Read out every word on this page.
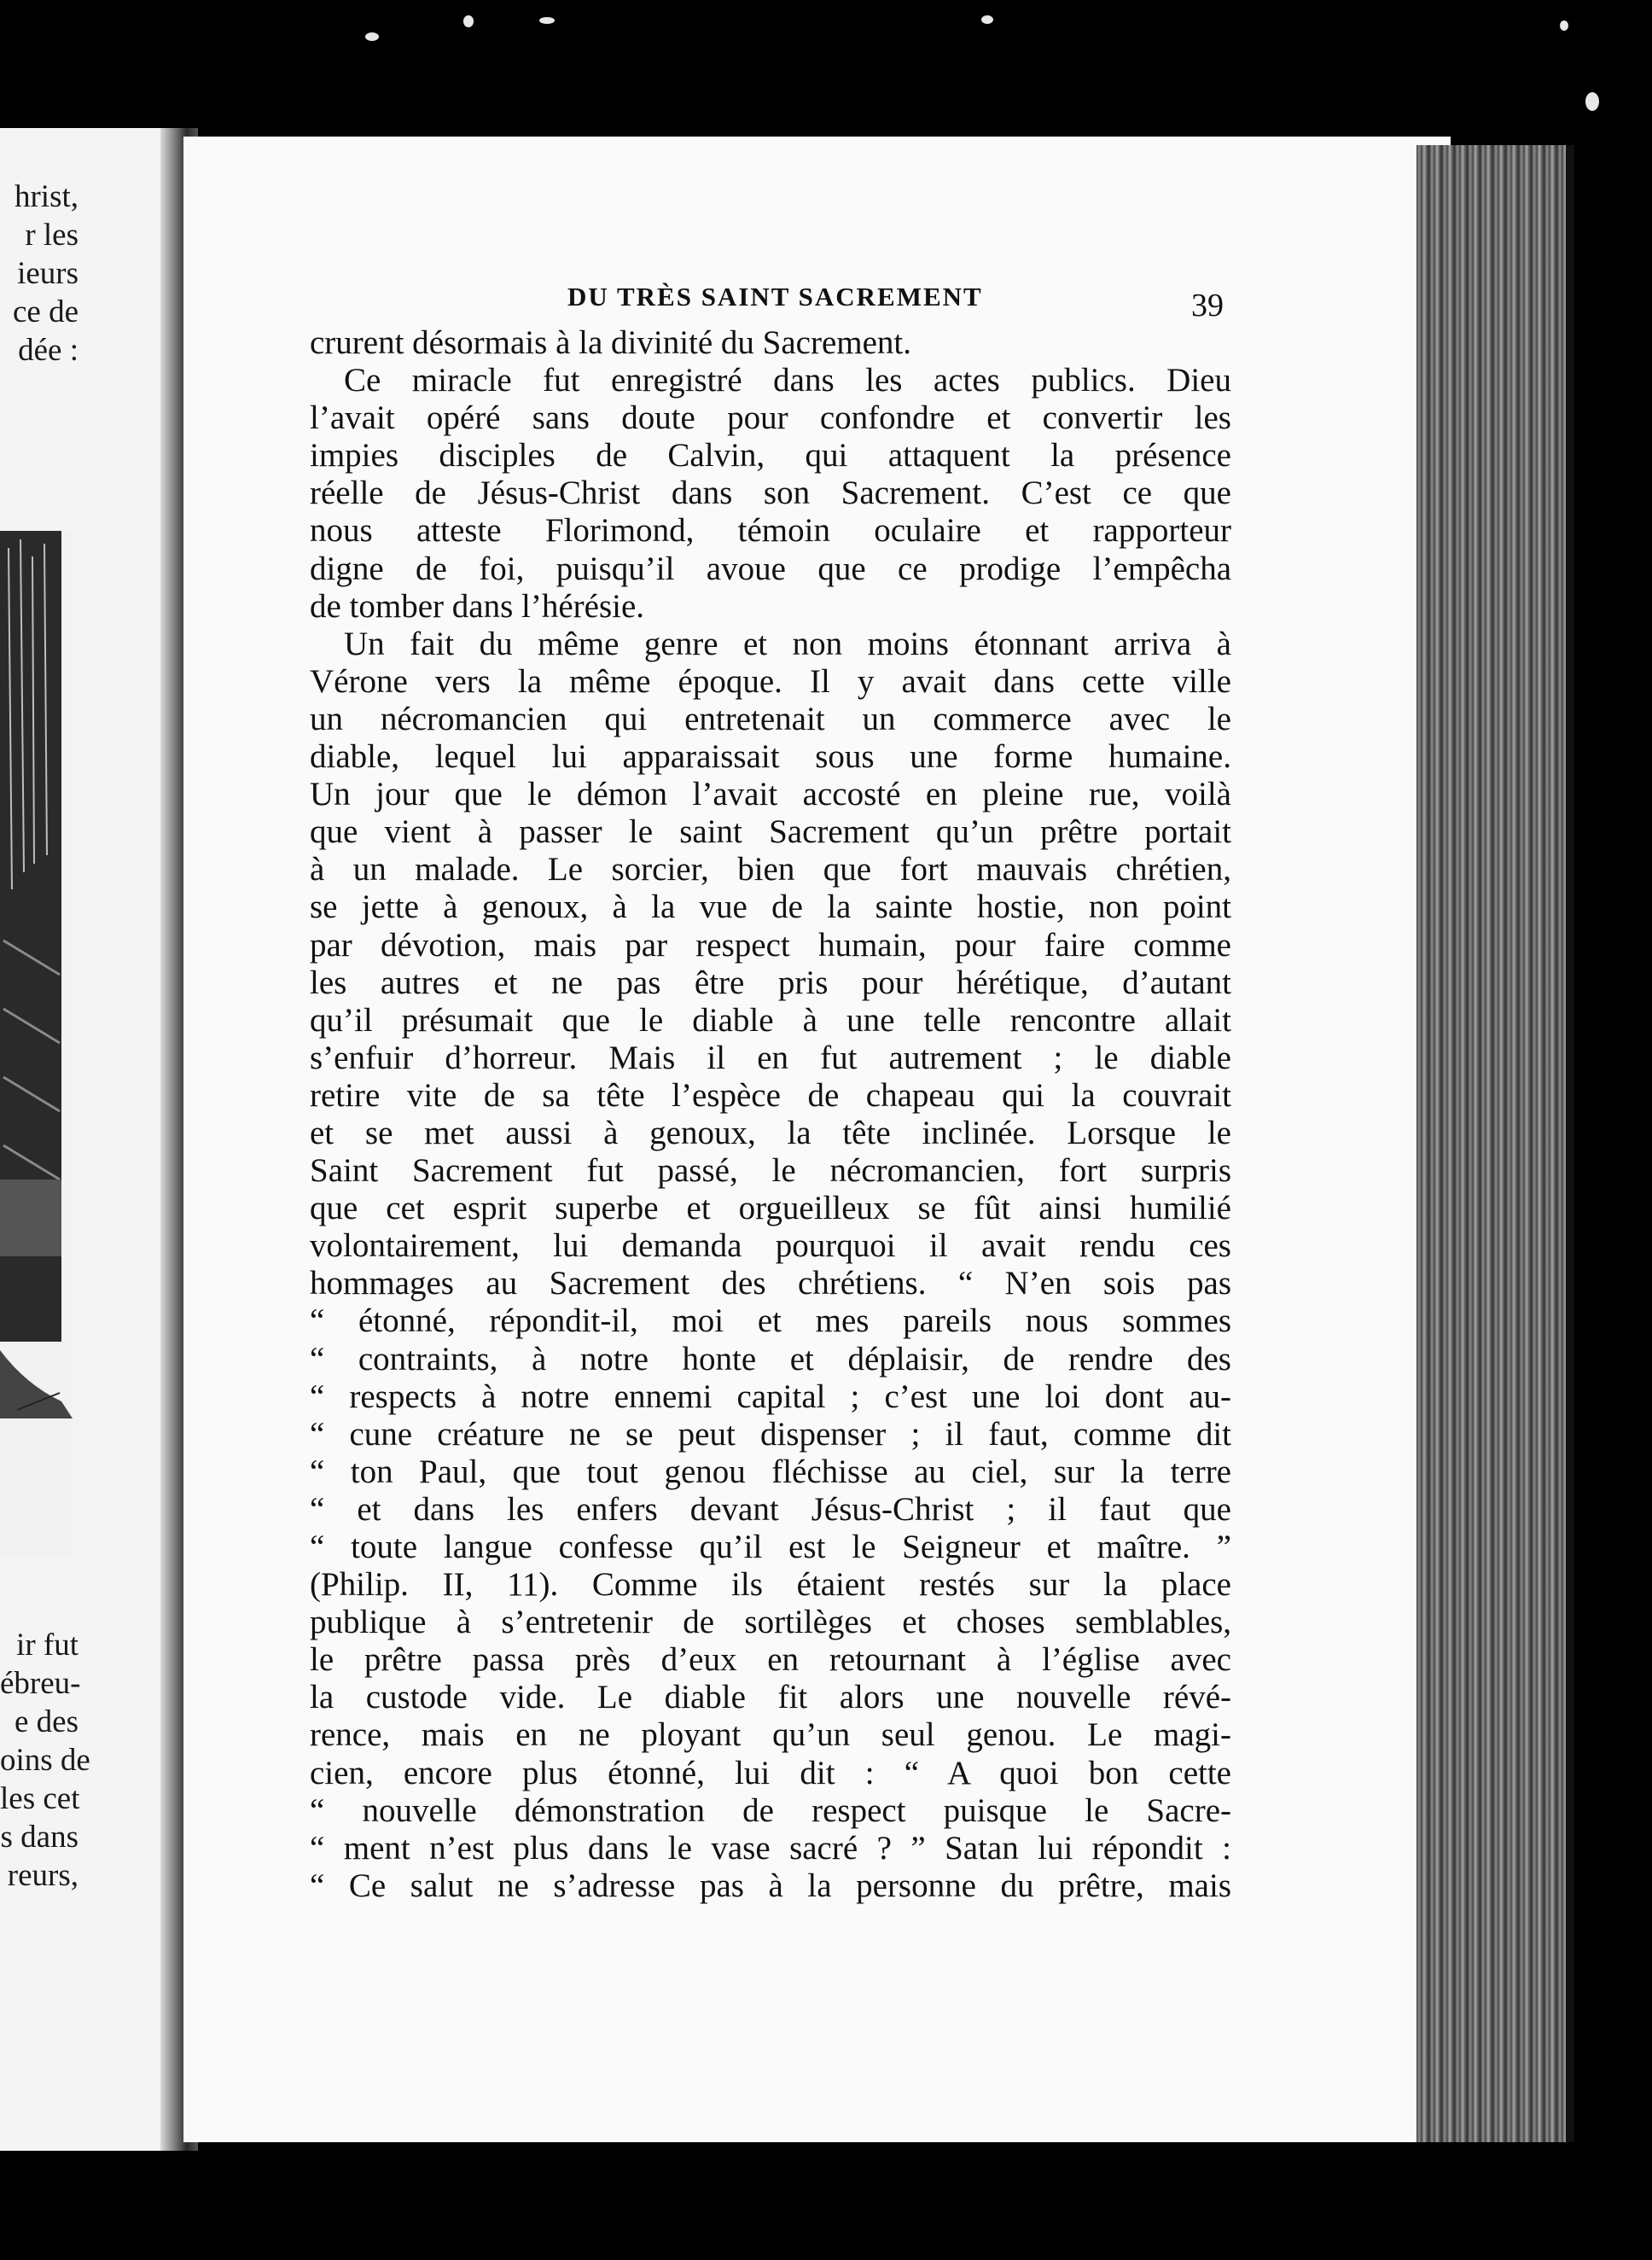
hrist,
r les
ieurs
ce de
dée :
ir fut
ébreu-
e des
oins de
les cet
s dans
reurs,
DU TRÈS SAINT SACREMENT	39
crurent désormais à la divinité du Sacrement.
Ce miracle fut enregistré dans les actes publics. Dieu
l’avait opéré sans doute pour confondre et convertir les
impies disciples de Calvin, qui attaquent la présence
réelle de Jésus-Christ dans son Sacrement. C’est ce que
nous atteste Florimond, témoin oculaire et rapporteur
digne de foi, puisqu’il avoue que ce prodige l’empêcha
de tomber dans l’hérésie.
Un fait du même genre et non moins étonnant arriva à
Vérone vers la même époque. Il y avait dans cette ville
un nécromancien qui entretenait un commerce avec le
diable, lequel lui apparaissait sous une forme humaine.
Un jour que le démon l’avait accosté en pleine rue, voilà
que vient à passer le saint Sacrement qu’un prêtre portait
à un malade. Le sorcier, bien que fort mauvais chrétien,
se jette à genoux, à la vue de la sainte hostie, non point
par dévotion, mais par respect humain, pour faire comme
les autres et ne pas être pris pour hérétique, d’autant
qu’il présumait que le diable à une telle rencontre allait
s’enfuir d’horreur. Mais il en fut autrement ; le diable
retire vite de sa tête l’espèce de chapeau qui la couvrait
et se met aussi à genoux, la tête inclinée. Lorsque le
Saint Sacrement fut passé, le nécromancien, fort surpris
que cet esprit superbe et orgueilleux se fût ainsi humilié
volontairement, lui demanda pourquoi il avait rendu ces
hommages au Sacrement des chrétiens. “ N’en sois pas
“ étonné, répondit-il, moi et mes pareils nous sommes
“ contraints, à notre honte et déplaisir, de rendre des
“ respects à notre ennemi capital ; c’est une loi dont au-
“ cune créature ne se peut dispenser ; il faut, comme dit
“ ton Paul, que tout genou fléchisse au ciel, sur la terre
“ et dans les enfers devant Jésus-Christ ; il faut que
“ toute langue confesse qu’il est le Seigneur et maître. ”
(Philip. II, 11). Comme ils étaient restés sur la place
publique à s’entretenir de sortilèges et choses semblables,
le prêtre passa près d’eux en retournant à l’église avec
la custode vide. Le diable fit alors une nouvelle révé-
rence, mais en ne ployant qu’un seul genou. Le magi-
cien, encore plus étonné, lui dit : “ A quoi bon cette
“ nouvelle démonstration de respect puisque le Sacre-
“ ment n’est plus dans le vase sacré ? ” Satan lui répondit :
“ Ce salut ne s’adresse pas à la personne du prêtre, mais
